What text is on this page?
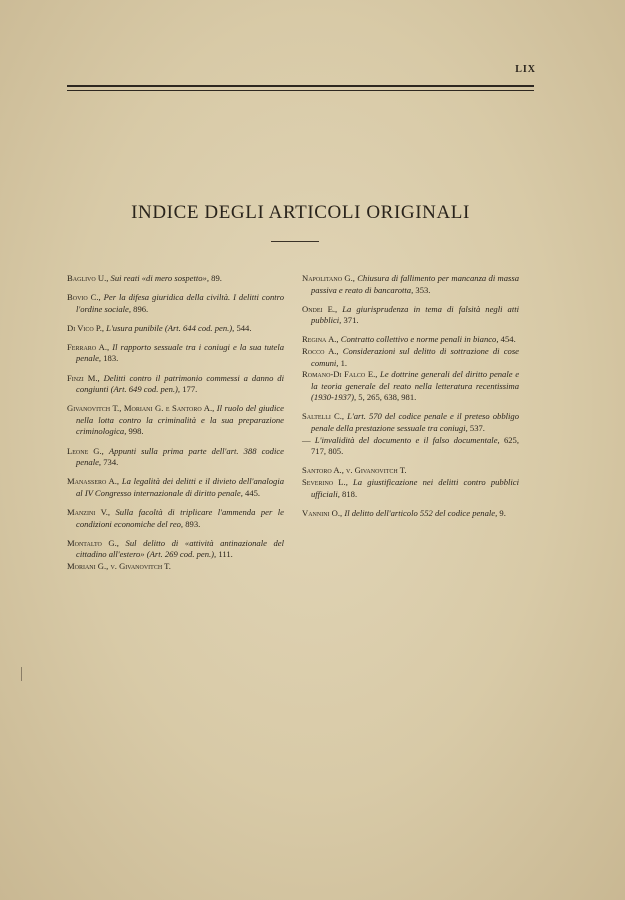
LIX
INDICE DEGLI ARTICOLI ORIGINALI

Baglivo U., Sui reati «di mero sospetto», 89.

Bovio C., Per la difesa giuridica della civiltà. I delitti contro l'ordine sociale, 896.

Di Vico P., L'usura punibile (Art. 644 cod. pen.), 544.

Ferraro A., Il rapporto sessuale tra i coniugi e la sua tutela penale, 183.

Finzi M., Delitti contro il patrimonio commessi a danno di congiunti (Art. 649 cod. pen.), 177.

Givanovitch T., Moriani G. e Santoro A., Il ruolo del giudice nella lotta contro la criminalità e la sua preparazione criminologica, 998.

Leone G., Appunti sulla prima parte dell'art. 388 codice penale, 734.

Manassero A., La legalità dei delitti e il divieto dell'analogia al IV Congresso internazionale di diritto penale, 445.

Manzini V., Sulla facoltà di triplicare l'ammenda per le condizioni economiche del reo, 893.

Montalto G., Sul delitto di «attività antinazionale del cittadino all'estero» (Art. 269 cod. pen.), 111.

Moriani G., v. Givanovitch T.

Napolitano G., Chiusura di fallimento per mancanza di massa passiva e reato di bancarotta, 353.

Ondei E., La giurisprudenza in tema di falsità negli atti pubblici, 371.

Regina A., Contratto collettivo e norme penali in bianco, 454.

Rocco A., Considerazioni sul delitto di sottrazione di cose comuni, 1.

Romano-Di Falco E., Le dottrine generali del diritto penale e la teoria generale del reato nella letteratura recentissima (1930-1937), 5, 265, 638, 981.

Saltelli C., L'art. 570 del codice penale e il preteso obbligo penale della prestazione sessuale tra coniugi, 537.

— L'invalidità del documento e il falso documentale, 625, 717, 805.

Santoro A., v. Givanovitch T.

Severino L., La giustificazione nei delitti contro pubblici ufficiali, 818.

Vannini O., Il delitto dell'articolo 552 del codice penale, 9.
